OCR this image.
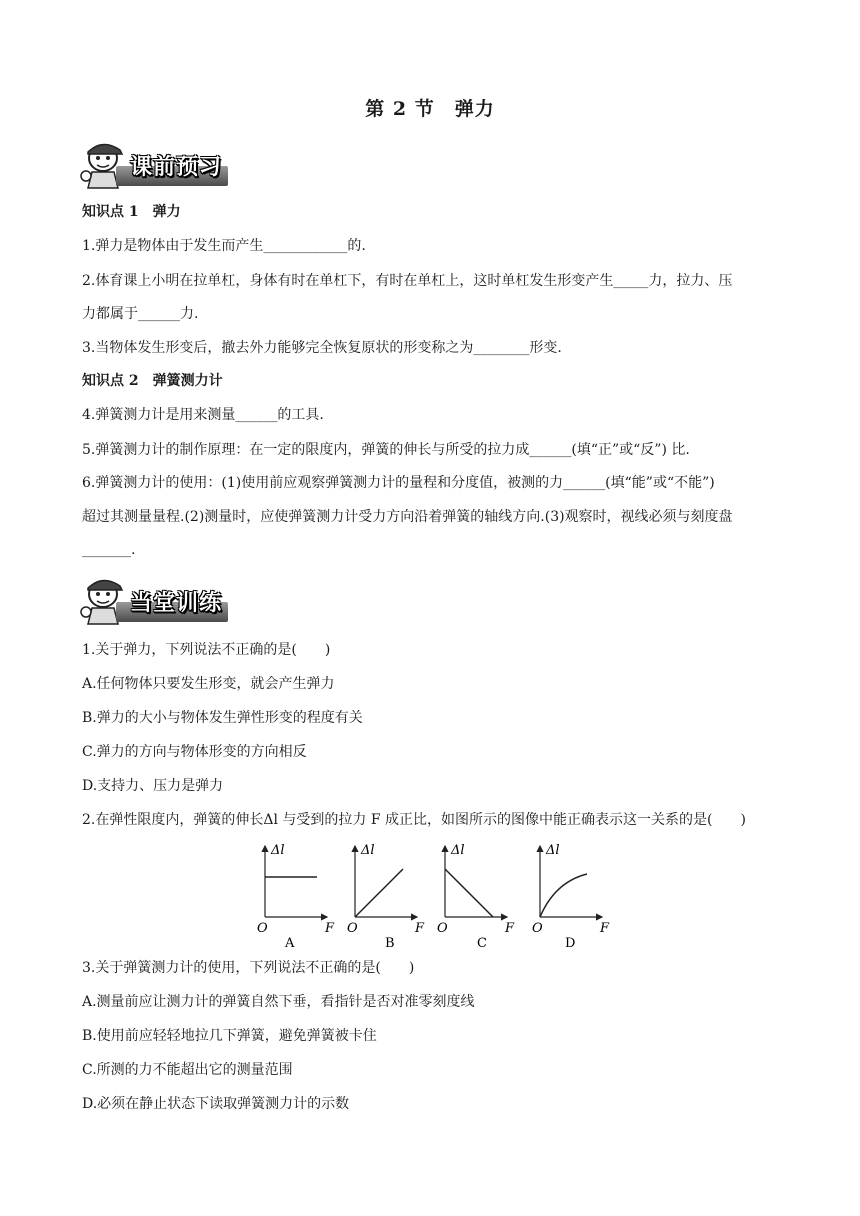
第 2 节　弹力
课前预习
知识点 1　弹力
1.弹力是物体由于发生而产生____________的.
2.体育课上小明在拉单杠，身体有时在单杠下，有时在单杠上，这时单杠发生形变产生_____力，拉力、压
力都属于______力.
3.当物体发生形变后，撤去外力能够完全恢复原状的形变称之为________形变.
知识点 2　弹簧测力计
4.弹簧测力计是用来测量______的工具.
5.弹簧测力计的制作原理：在一定的限度内，弹簧的伸长与所受的拉力成______(填“正”或“反”) 比.
6.弹簧测力计的使用：(1)使用前应观察弹簧测力计的量程和分度值，被测的力______(填“能”或“不能”)
超过其测量量程.(2)测量时，应使弹簧测力计受力方向沿着弹簧的轴线方向.(3)观察时，视线必须与刻度盘
_______.
当堂训练
1.关于弹力，下列说法不正确的是(　　)
A.任何物体只要发生形变，就会产生弹力
B.弹力的大小与物体发生弹性形变的程度有关
C.弹力的方向与物体形变的方向相反
D.支持力、压力是弹力
2.在弹性限度内，弹簧的伸长Δl 与受到的拉力 F 成正比，如图所示的图像中能正确表示这一关系的是(　　)
Δl
O	F
A
Δl
O	F
B
Δl
O	F
C
Δl
O	F
D
3.关于弹簧测力计的使用，下列说法不正确的是(　　)
A.测量前应让测力计的弹簧自然下垂，看指针是否对准零刻度线
B.使用前应轻轻地拉几下弹簧，避免弹簧被卡住
C.所测的力不能超出它的测量范围
D.必须在静止状态下读取弹簧测力计的示数
